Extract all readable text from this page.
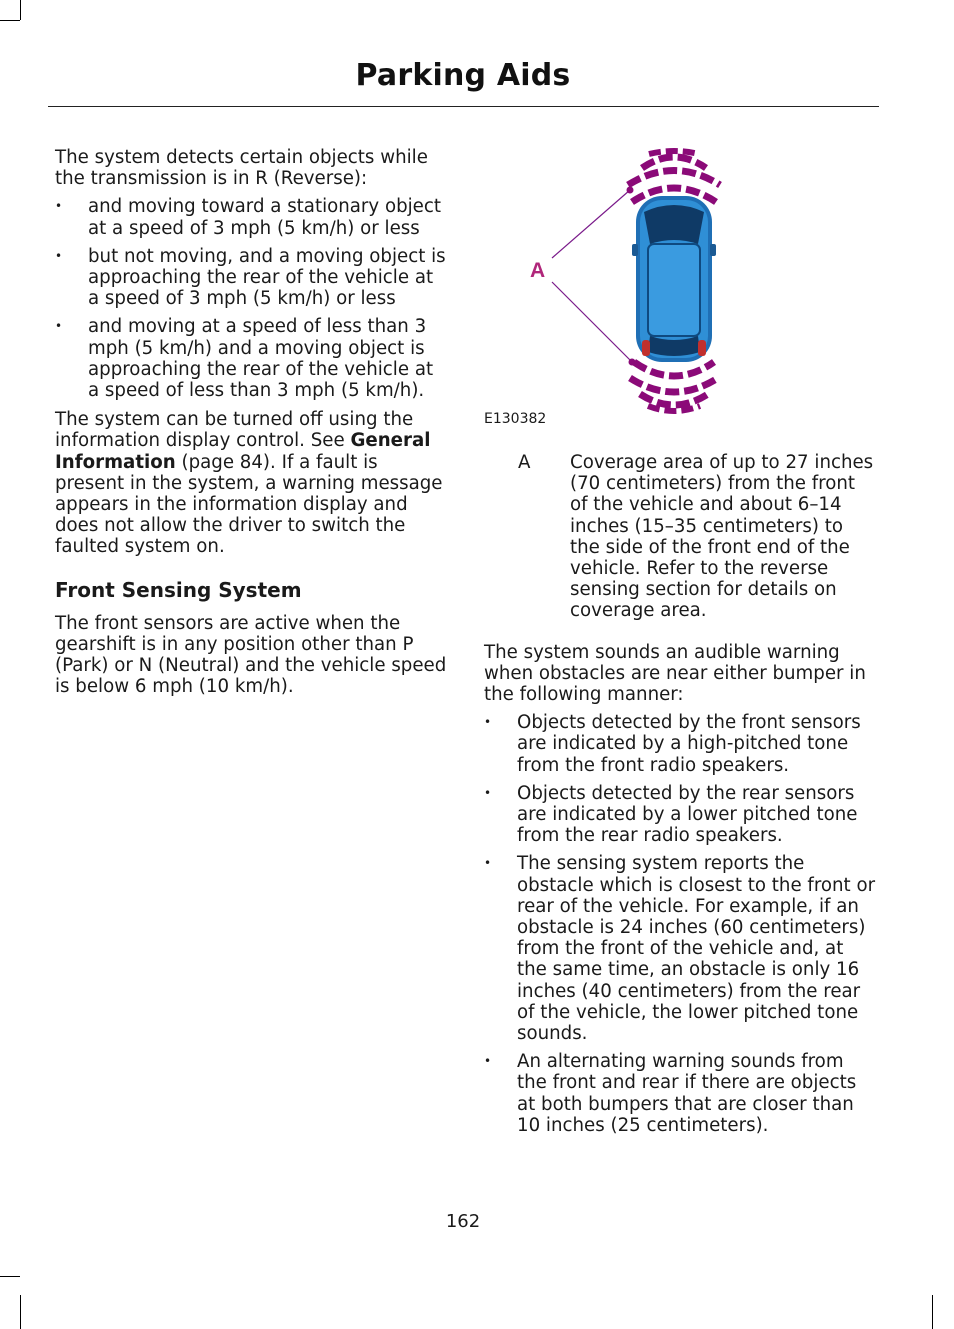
Parking Aids

The system detects certain objects while the transmission is in R (Reverse):

• and moving toward a stationary object at a speed of 3 mph (5 km/h) or less
• but not moving, and a moving object is approaching the rear of the vehicle at a speed of 3 mph (5 km/h) or less
• and moving at a speed of less than 3 mph (5 km/h) and a moving object is approaching the rear of the vehicle at a speed of less than 3 mph (5 km/h).

The system can be turned off using the information display control. See General Information (page 84). If a fault is present in the system, a warning message appears in the information display and does not allow the driver to switch the faulted system on.

Front Sensing System

The front sensors are active when the gearshift is in any position other than P (Park) or N (Neutral) and the vehicle speed is below 6 mph (10 km/h).

A
E130382
A	Coverage area of up to 27 inches (70 centimeters) from the front of the vehicle and about 6–14 inches (15–35 centimeters) to the side of the front end of the vehicle. Refer to the reverse sensing section for details on coverage area.

The system sounds an audible warning when obstacles are near either bumper in the following manner:

• Objects detected by the front sensors are indicated by a high-pitched tone from the front radio speakers.
• Objects detected by the rear sensors are indicated by a lower pitched tone from the rear radio speakers.
• The sensing system reports the obstacle which is closest to the front or rear of the vehicle. For example, if an obstacle is 24 inches (60 centimeters) from the front of the vehicle and, at the same time, an obstacle is only 16 inches (40 centimeters) from the rear of the vehicle, the lower pitched tone sounds.
• An alternating warning sounds from the front and rear if there are objects at both bumpers that are closer than 10 inches (25 centimeters).
162
